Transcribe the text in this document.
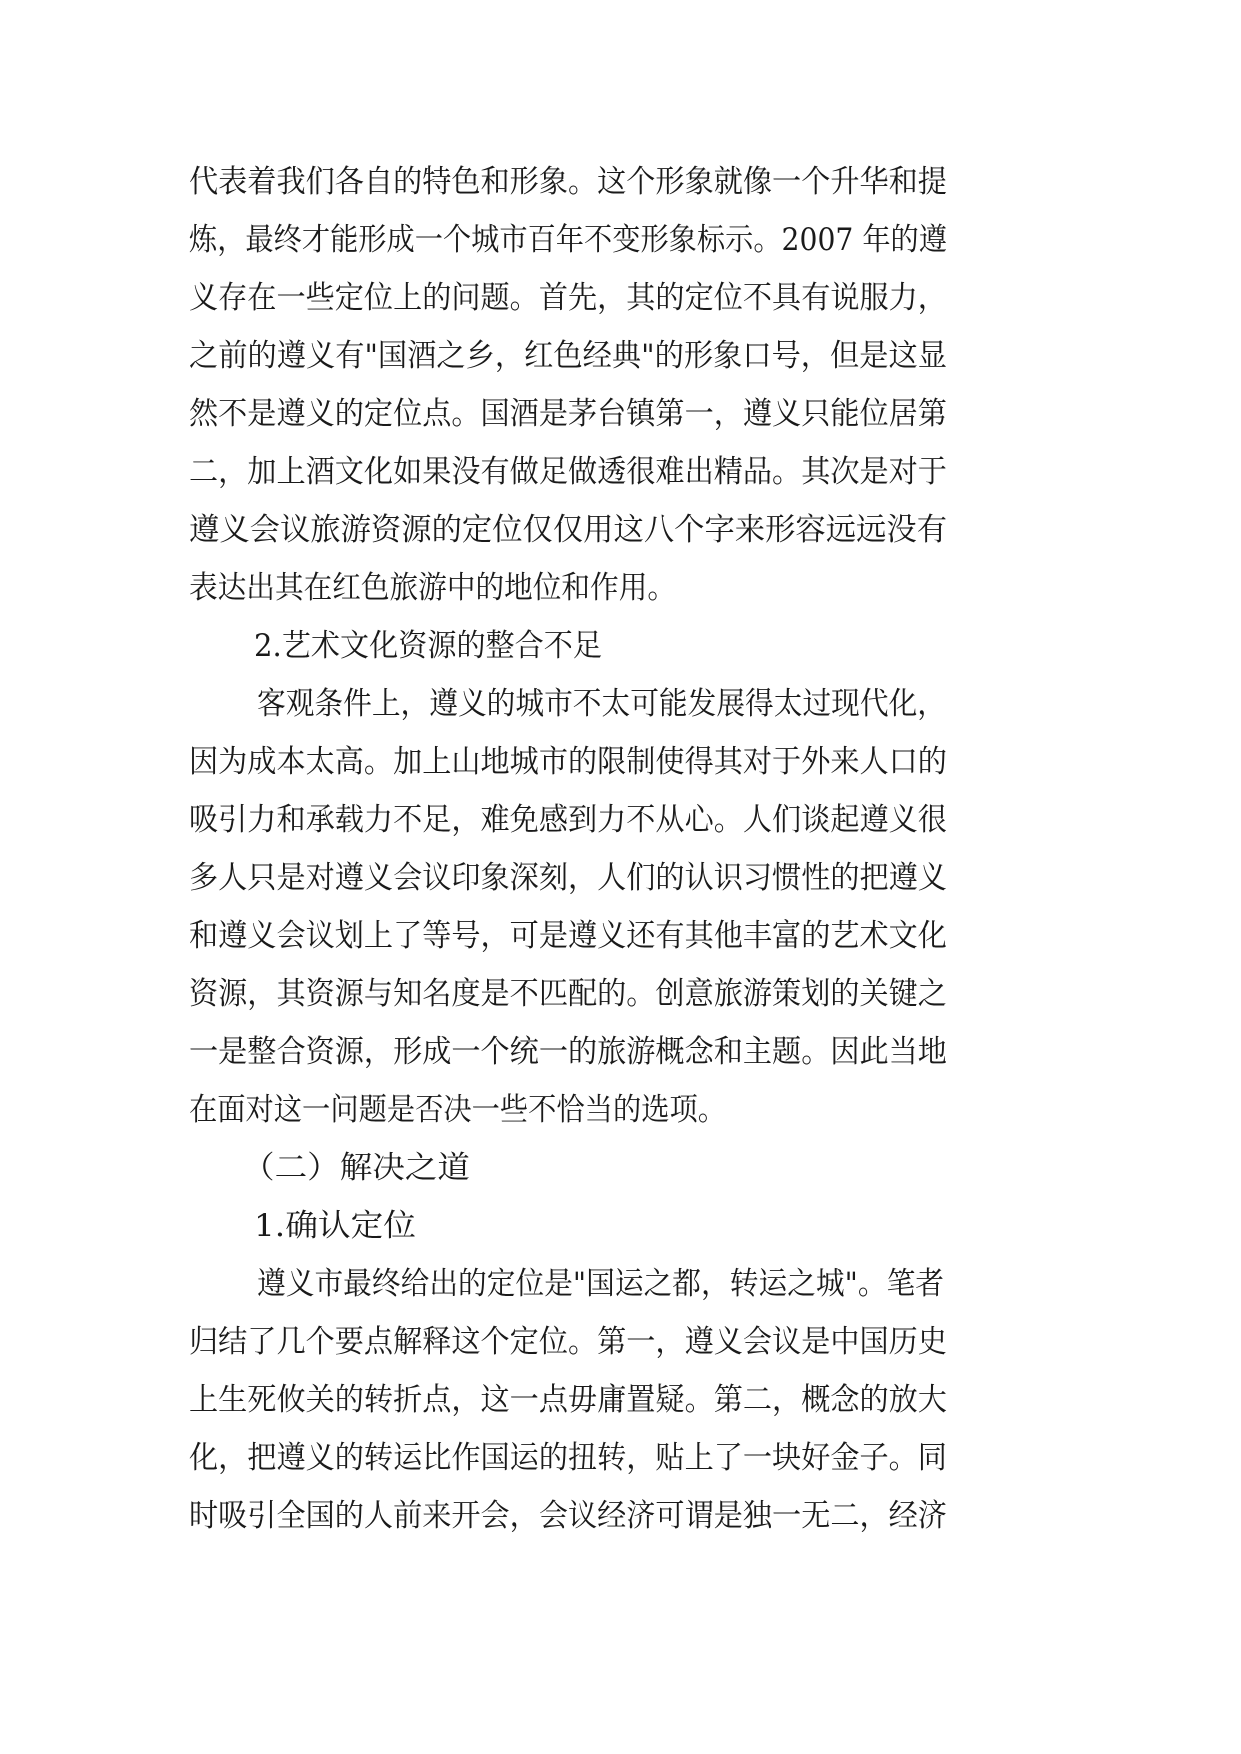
代表着我们各自的特色和形象。这个形象就像一个升华和提
炼，最终才能形成一个城市百年不变形象标示。2007 年的遵
义存在一些定位上的问题。首先，其的定位不具有说服力，
之前的遵义有"国酒之乡，红色经典"的形象口号，但是这显
然不是遵义的定位点。国酒是茅台镇第一，遵义只能位居第
二，加上酒文化如果没有做足做透很难出精品。其次是对于
遵义会议旅游资源的定位仅仅用这八个字来形容远远没有
表达出其在红色旅游中的地位和作用。
2.艺术文化资源的整合不足
客观条件上，遵义的城市不太可能发展得太过现代化，
因为成本太高。加上山地城市的限制使得其对于外来人口的
吸引力和承载力不足，难免感到力不从心。人们谈起遵义很
多人只是对遵义会议印象深刻，人们的认识习惯性的把遵义
和遵义会议划上了等号，可是遵义还有其他丰富的艺术文化
资源，其资源与知名度是不匹配的。创意旅游策划的关键之
一是整合资源，形成一个统一的旅游概念和主题。因此当地
在面对这一问题是否决一些不恰当的选项。
（二）解决之道
1.确认定位
遵义市最终给出的定位是"国运之都，转运之城"。笔者
归结了几个要点解释这个定位。第一，遵义会议是中国历史
上生死攸关的转折点，这一点毋庸置疑。第二，概念的放大
化，把遵义的转运比作国运的扭转，贴上了一块好金子。同
时吸引全国的人前来开会，会议经济可谓是独一无二，经济
